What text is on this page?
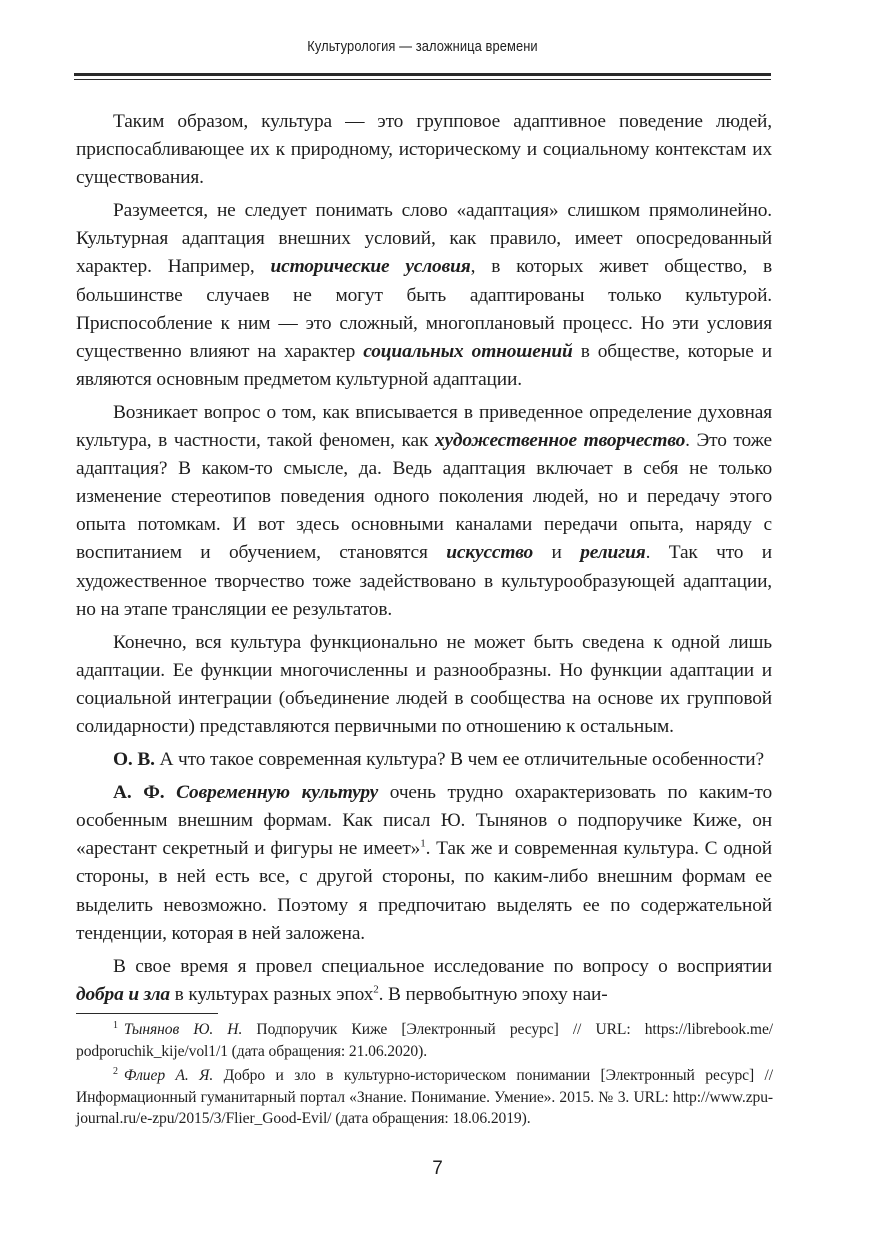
Культурология — заложница времени

Таким образом, культура — это групповое адаптивное поведение людей, приспосабливающее их к природному, историческому и социальному контекстам их существования.

Разумеется, не следует понимать слово «адаптация» слишком прямолинейно. Культурная адаптация внешних условий, как правило, имеет опосредованный характер. Например, исторические условия, в которых живет общество, в большинстве случаев не могут быть адаптированы только культурой. Приспособление к ним — это сложный, многоплановый процесс. Но эти условия существенно влияют на характер социальных отношений в обществе, которые и являются основным предметом культурной адаптации.

Возникает вопрос о том, как вписывается в приведенное определение духовная культура, в частности, такой феномен, как художественное творчество. Это тоже адаптация? В каком-то смысле, да. Ведь адаптация включает в себя не только изменение стереотипов поведения одного поколения людей, но и передачу этого опыта потомкам. И вот здесь основными каналами передачи опыта, наряду с воспитанием и обучением, становятся искусство и религия. Так что и художественное творчество тоже задействовано в культурообразующей адаптации, но на этапе трансляции ее результатов.

Конечно, вся культура функционально не может быть сведена к одной лишь адаптации. Ее функции многочисленны и разнообразны. Но функции адаптации и социальной интеграции (объединение людей в сообщества на основе их групповой солидарности) представляются первичными по отношению к остальным.

О. В. А что такое современная культура? В чем ее отличительные особенности?

А. Ф. Современную культуру очень трудно охарактеризовать по каким-то особенным внешним формам. Как писал Ю. Тынянов о подпоручике Киже, он «арестант секретный и фигуры не имеет»$^1$. Так же и современная культура. С одной стороны, в ней есть все, с другой стороны, по каким-либо внешним формам ее выделить невозможно. Поэтому я предпочитаю выделять ее по содержательной тенденции, которая в ней заложена.

В свое время я провел специальное исследование по вопросу о восприятии добра и зла в культурах разных эпох$^2$. В первобытную эпоху наи-

$^1$ Тынянов Ю. Н. Подпоручик Киже [Электронный ресурс] // URL: https://librebook.me/ podporuchik_kije/vol1/1 (дата обращения: 21.06.2020).

$^2$ Флиер А. Я. Добро и зло в культурно-историческом понимании [Электронный ресурс] // Информационный гуманитарный портал «Знание. Понимание. Умение». 2015. № 3. URL: http://www.zpu-journal.ru/e-zpu/2015/3/Flier_Good-Evil/ (дата обращения: 18.06.2019).

7
